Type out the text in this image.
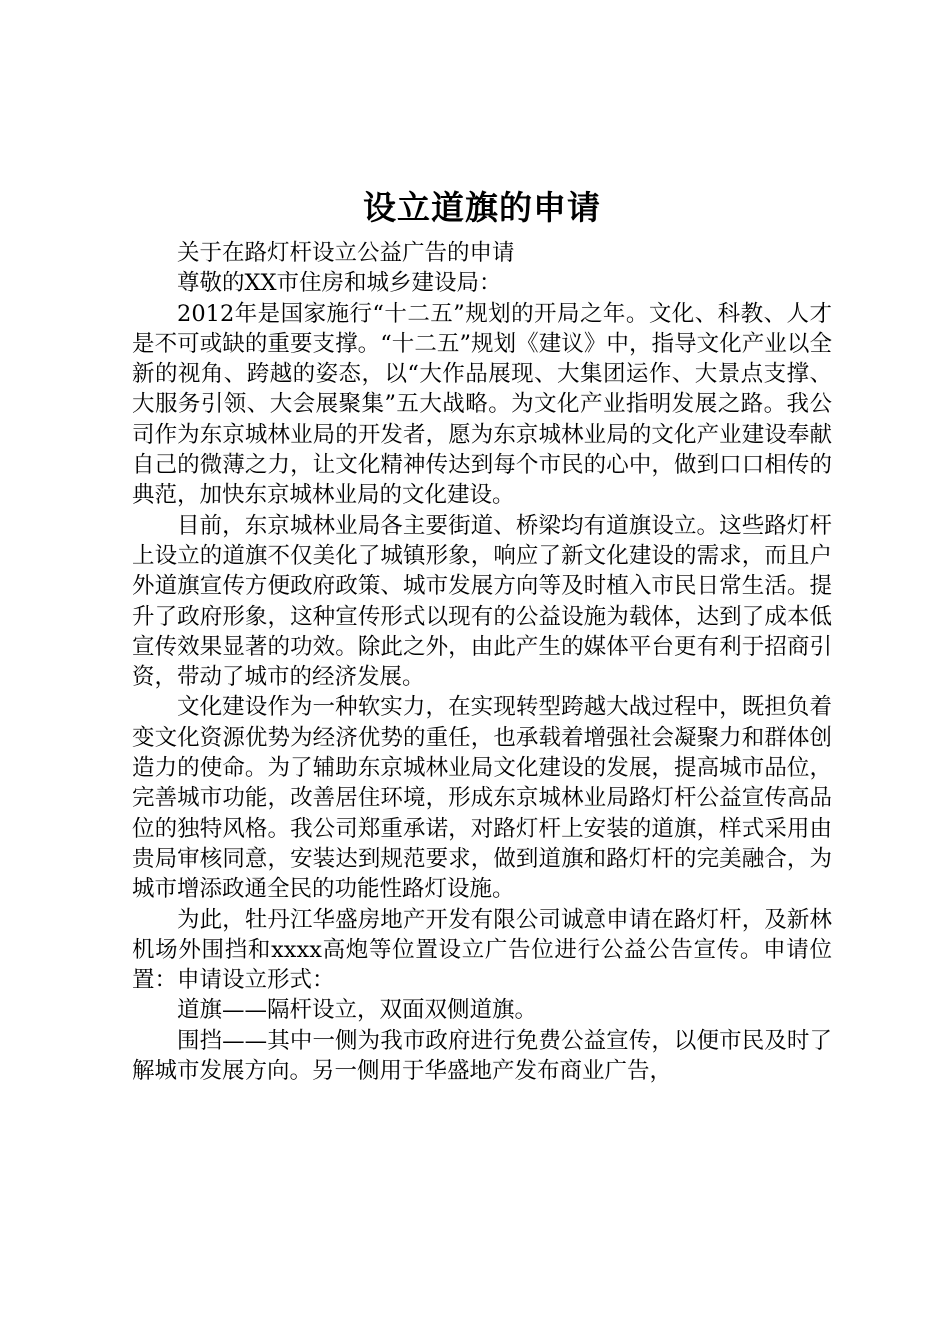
设立道旗的申请

关于在路灯杆设立公益广告的申请

尊敬的XX市住房和城乡建设局：

2012年是国家施行“十二五”规划的开局之年。文化、科教、人才是不可或缺的重要支撑。“十二五”规划《建议》中，指导文化产业以全新的视角、跨越的姿态，以“大作品展现、大集团运作、大景点支撑、大服务引领、大会展聚集”五大战略。为文化产业指明发展之路。我公司作为东京城林业局的开发者，愿为东京城林业局的文化产业建设奉献自己的微薄之力，让文化精神传达到每个市民的心中，做到口口相传的典范，加快东京城林业局的文化建设。

目前，东京城林业局各主要街道、桥梁均有道旗设立。这些路灯杆上设立的道旗不仅美化了城镇形象，响应了新文化建设的需求，而且户外道旗宣传方便政府政策、城市发展方向等及时植入市民日常生活。提升了政府形象，这种宣传形式以现有的公益设施为载体，达到了成本低宣传效果显著的功效。除此之外，由此产生的媒体平台更有利于招商引资，带动了城市的经济发展。

文化建设作为一种软实力，在实现转型跨越大战过程中，既担负着变文化资源优势为经济优势的重任，也承载着增强社会凝聚力和群体创造力的使命。为了辅助东京城林业局文化建设的发展，提高城市品位，完善城市功能，改善居住环境，形成东京城林业局路灯杆公益宣传高品位的独特风格。我公司郑重承诺，对路灯杆上安装的道旗，样式采用由贵局审核同意，安装达到规范要求，做到道旗和路灯杆的完美融合，为城市增添政通全民的功能性路灯设施。

为此，牡丹江华盛房地产开发有限公司诚意申请在路灯杆，及新林机场外围挡和xxxx高炮等位置设立广告位进行公益公告宣传。申请位置：申请设立形式：

道旗——隔杆设立，双面双侧道旗。

围挡——其中一侧为我市政府进行免费公益宣传，以便市民及时了解城市发展方向。另一侧用于华盛地产发布商业广告，
